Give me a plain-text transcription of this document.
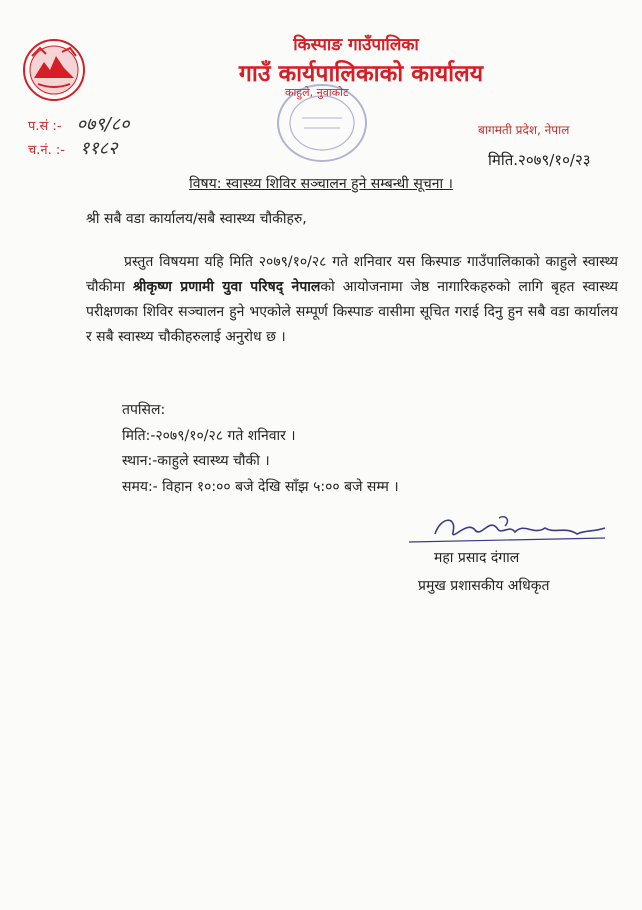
किस्पाङ गाउँपालिका
गाउँ कार्यपालिकाको कार्यालय
काहुले, नुवाकोट
प.सं :- ०७९/८०
च.नं. :- ११८२
बागमती प्रदेश, नेपाल
मिति.२०७९/१०/२३
विषय: स्वास्थ्य शिविर सञ्चालन हुने सम्बन्धी सूचना ।
श्री सबै वडा कार्यालय/सबै स्वास्थ्य चौकीहरु,
प्रस्तुत विषयमा यहि मिति २०७९/१०/२८ गते शनिवार यस किस्पाङ गाउँपालिकाको काहुले स्वास्थ्य चौकीमा श्रीकृष्ण प्रणामी युवा परिषद् नेपालको आयोजनामा जेष्ठ नागारिकहरुको लागि बृहत स्वास्थ्य परीक्षणका शिविर सञ्चालन हुने भएकोले सम्पूर्ण किस्पाङ वासीमा सूचित गराई दिनु हुन सबै वडा कार्यालय र सबै स्वास्थ्य चौकीहरुलाई अनुरोध छ ।
तपसिल:
मिति:-२०७९/१०/२८ गते शनिवार ।
स्थान:-काहुले स्वास्थ्य चौकी ।
समय:- विहान १०:०० बजे देखि साँझ ५:०० बजे सम्म ।
महा प्रसाद दंगाल
प्रमुख प्रशासकीय अधिकृत
